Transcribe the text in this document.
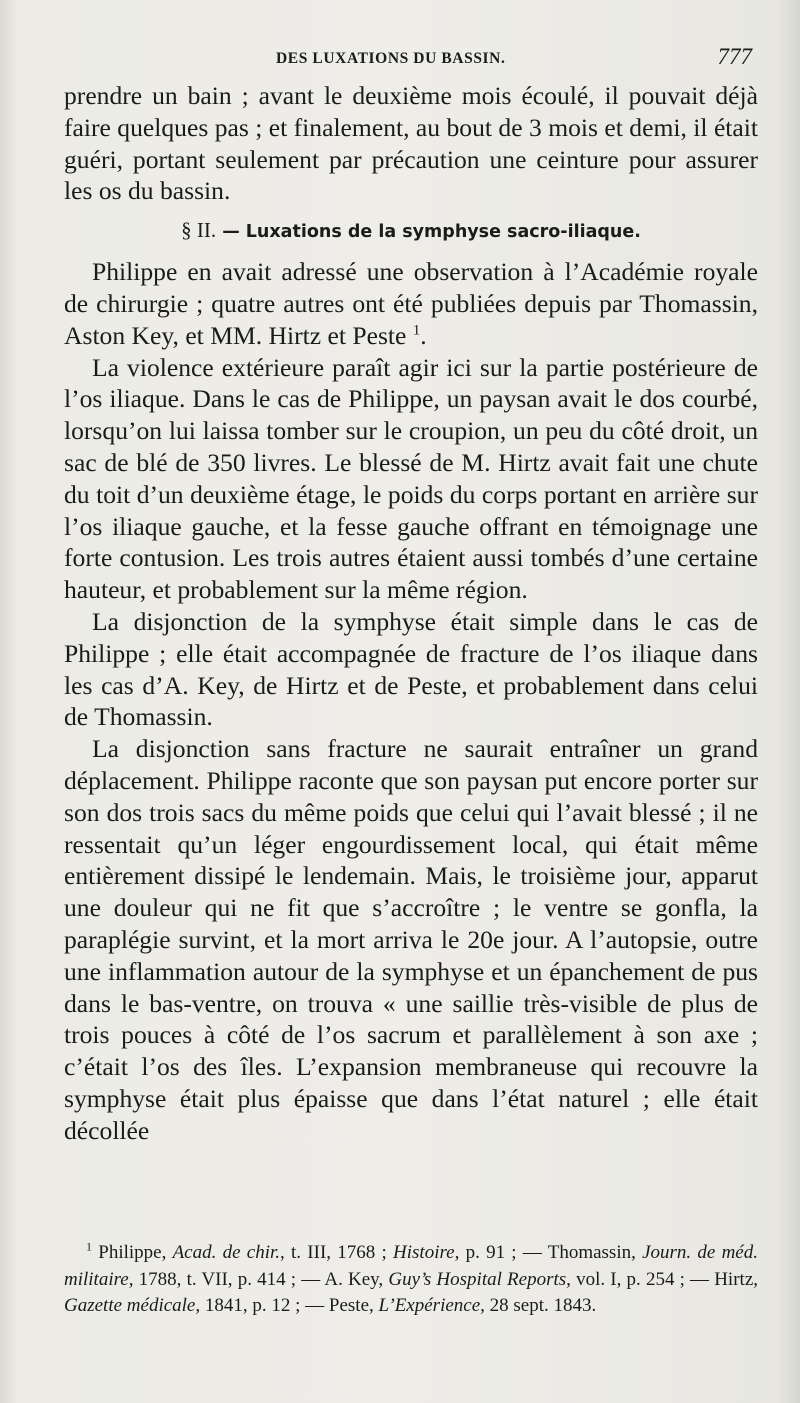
DES LUXATIONS DU BASSIN.	777

prendre un bain ; avant le deuxième mois écoulé, il pouvait déjà faire quelques pas ; et finalement, au bout de 3 mois et demi, il était guéri, portant seulement par précaution une ceinture pour assurer les os du bassin.

§ II. — Luxations de la symphyse sacro-iliaque.

Philippe en avait adressé une observation à l’Académie royale de chirurgie ; quatre autres ont été publiées depuis par Thomassin, Aston Key, et MM. Hirtz et Peste $^1$.

La violence extérieure paraît agir ici sur la partie postérieure de l’os iliaque. Dans le cas de Philippe, un paysan avait le dos courbé, lorsqu’on lui laissa tomber sur le croupion, un peu du côté droit, un sac de blé de 350 livres. Le blessé de M. Hirtz avait fait une chute du toit d’un deuxième étage, le poids du corps portant en arrière sur l’os iliaque gauche, et la fesse gauche offrant en témoignage une forte contusion. Les trois autres étaient aussi tombés d’une certaine hauteur, et probablement sur la même région.

La disjonction de la symphyse était simple dans le cas de Philippe ; elle était accompagnée de fracture de l’os iliaque dans les cas d’A. Key, de Hirtz et de Peste, et probablement dans celui de Thomassin.

La disjonction sans fracture ne saurait entraîner un grand déplacement. Philippe raconte que son paysan put encore porter sur son dos trois sacs du même poids que celui qui l’avait blessé ; il ne ressentait qu’un léger engourdissement local, qui était même entièrement dissipé le lendemain. Mais, le troisième jour, apparut une douleur qui ne fit que s’accroître ; le ventre se gonfla, la paraplégie survint, et la mort arriva le 20e jour. A l’autopsie, outre une inflammation autour de la symphyse et un épanchement de pus dans le bas-ventre, on trouva « une saillie très-visible de plus de trois pouces à côté de l’os sacrum et parallèlement à son axe ; c’était l’os des îles. L’expansion membraneuse qui recouvre la symphyse était plus épaisse que dans l’état naturel ; elle était décollée

$^1$ Philippe, Acad. de chir., t. III, 1768 ; Histoire, p. 91 ; — Thomassin, Journ. de méd. militaire, 1788, t. VII, p. 414 ; — A. Key, Guy’s Hospital Reports, vol. I, p. 254 ; — Hirtz, Gazette médicale, 1841, p. 12 ; — Peste, L’Expérience, 28 sept. 1843.
